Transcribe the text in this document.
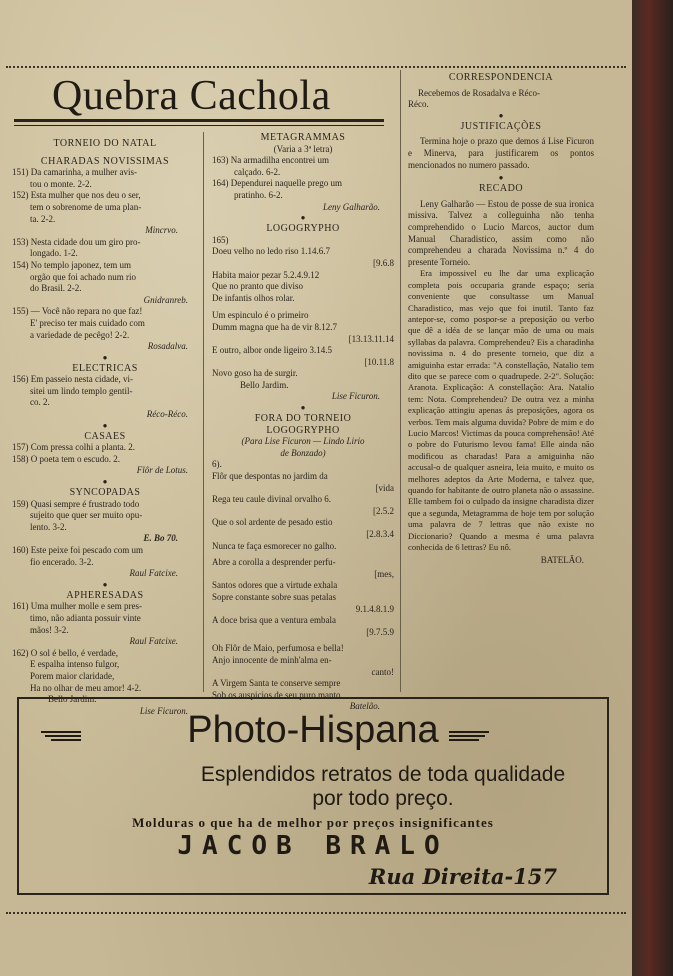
Quebra Cachola

TORNEIO DO NATAL

CHARADAS NOVISSIMAS

151) Da camarinha, a mulher avis-

tou o monte. 2-2.

152) Esta mulher que nos deu o ser,

tem o sobrenome de uma plan-

ta. 2-2.

Mincrvo.

153) Nesta cidade dou um giro pro-

longado. 1-2.

154) No templo japonez, tem um

orgão que foi achado num rio

do Brasil. 2-2.

Gnidranreb.

155) — Você não repara no que faz!

E' preciso ter mais cuidado com

a variedade de pecêgo! 2-2.

Rosadalva.

●

ELECTRICAS

156) Em passeio nesta cidade, vi-

sitei um lindo templo gentil-

co. 2.

Réco-Réco.

●

CASAES

157) Com pressa colhi a planta. 2.

158) O poeta tem o escudo. 2.

Flôr de Lotus.

●

SYNCOPADAS

159) Quasi sempre é frustrado todo

sujeito que quer ser muito opu-

lento. 3-2.

E. Bo 70.

160) Este peixe foi pescado com um

fio encerado. 3-2.

Raul Fatcixe.

●

APHERESADAS

161) Uma mulher molle e sem pres-

timo, não adianta possuir vinte

mãos! 3-2.

Raul Fatcixe.

162) O sol é bello, é verdade,

E espalha intenso fulgor,

Porem maior claridade,

Ha no olhar de meu amor! 4-2.

Bello Jardim.

Lise Ficuron.

METAGRAMMAS

(Varia a 3ª letra)

163) Na armadilha encontrei um

calçado. 6-2.

164) Dependurei naquelle prego um

pratinho. 6-2.

Leny Galharão.

●

LOGOGRYPHO

165)

Doeu velho no ledo riso 1.14.6.7

[9.6.8

Habita maior pezar 5.2.4.9.12

Que no pranto que diviso

De infantis olhos rolar.

Um espinculo é o primeiro

Dumm magna que ha de vir 8.12.7

[13.13.11.14

E outro, albor onde ligeiro 3.14.5

[10.11.8

Novo goso ha de surgir.

Bello Jardim.

Lise Ficuron.

●

FORA DO TORNEIO

LOGOGRYPHO

(Para Lise Ficuron — Lindo Lirio

de Bonzado)

6).

Flôr que despontas no jardim da

[vida

Rega teu caule divinal orvalho 6.

[2.5.2

Que o sol ardente de pesado estio

[2.8.3.4

Nunca te faça esmorecer no galho.

Abre a corolla a desprender perfu-

[mes,

Santos odores que a virtude exhala

Sopre constante sobre suas petalas

9.1.4.8.1.9

A doce brisa que a ventura embala

[9.7.5.9

Oh Flôr de Maio, perfumosa e bella!

Anjo innocente de minh'alma en-

canto!

A Virgem Santa te conserve sempre

Sob os auspicios de seu puro manto.

Batelão.

CORRESPONDENCIA

Recebemos de Rosadalva e Réco-

Réco.

●

JUSTIFICAÇÕES

Termina hoje o prazo que demos á Lise Ficuron e Minerva, para justificarem os pontos mencionados no numero passado.

●

RECADO

Leny Galharão — Estou de posse de sua ironica missiva. Talvez a colleguinha não tenha comprehendido o Lucio Marcos, auctor dum Manual Charadistico, assim como não comprehendeu a charada Novissima n.º 4 do presente Torneio.

Era impossivel eu lhe dar uma explicação completa pois occuparia grande espaço; seria conveniente que consultasse um Manual Charadistico, mas vejo que foi inutil. Tanto faz antepor-se, como pospor-se a preposição ou verbo que dê a idéa de se lançar mão de uma ou mais syllabas da palavra. Comprehendeu? Eis a charadinha novissima n. 4 do presente torneio, que diz a amiguinha estar errada: "A constellação, Natalio tem dito que se parece com o quadrupede. 2-2". Solução: Aranota. Explicação: A constellação: Ara. Natalio tem: Nota. Comprehendeu? De outra vez a minha explicação attingiu apenas ás preposições, agora os verbos. Tem mais alguma duvida? Pobre de mim e do Lucio Marcos! Victimas da pouca comprehensão! Até o pobre do Futurismo levou fama! Elle ainda não modificou as charadas! Para a amiguinha não accusal-o de qualquer asneira, leia muito, e muito os melhores adeptos da Arte Moderna, e talvez que, quando for habitante de outro planeta não o assassine. Elle tambem foi o culpado da insigne charadista dizer que a segunda, Metagramma de hoje tem por solução uma palavra de 7 lettras que não existe no Diccionario? Quando a mesma é uma palavra conhecida de 6 lettras? Eu nô.

BATELÃO.

Photo-Hispana
Esplendidos retratos de toda qualidade
por todo preço.
Molduras o que ha de melhor por preços insignificantes
JACOB BRALO
Rua Direita-157
